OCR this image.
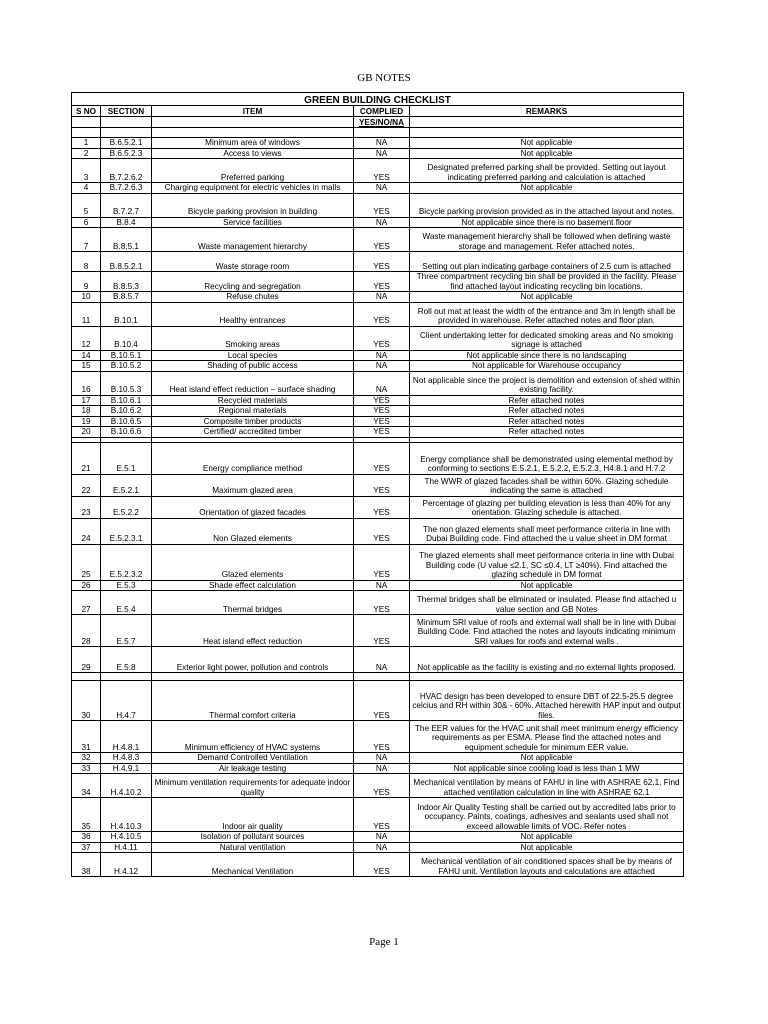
GB NOTES
GREEN BUILDING CHECKLIST				
S NO	SECTION	ITEM	COMPLIED	REMARKS
			YES/NO/NA	

1	B.6.5.2.1	Minimum area of windows	NA	Not applicable
2	B.6.5.2.3	Access to views	NA	Not applicable
3	B.7.2.6.2	Preferred parking	YES	Designated preferred parking shall be provided. Setting out layout indicating preferred parking and calculation is attached
4	B.7.2.6.3	Charging equipment for electric vehicles in malls	NA	Not applicable
5	B.7.2.7	Bicycle parking provision in building	YES	Bicycle parking provision provided as in the attached layout and notes.
6	B.8.4	Service facilities	NA	Not applicable since there is no basement floor
7	B.8.5.1	Waste management hierarchy	YES	Waste management hierarchy shall be followed when defining waste storage and management. Refer attached notes.
8	B.8.5.2.1	Waste storage room	YES	Setting out plan indicating garbage containers of 2.5 cum is attached
9	B.8.5.3	Recycling and segregation	YES	Three compartment recycling bin shall be provided in the facility. Please find attached layout indicating recycling bin locations.
10	B.8.5.7	Refuse chutes	NA	Not applicable
11	B.10.1	Healthy entrances	YES	Roll out mat at least the width of the entrance and 3m in length shall be provided in warehouse. Refer attached notes and floor plan.
12	B.10.4	Smoking areas	YES	Client undertaking letter for dedicated smoking areas and No smoking signage is attached
14	B.10.5.1	Local species	NA	Not applicable since there is no landscaping
15	B.10.5.2	Shading of public access	NA	Not applicable for Warehouse occupancy
16	B.10.5.3	Heat island effect reduction – surface shading	NA	Not applicable since the project is demolition and extension of shed within existing facility.
17	B.10.6.1	Recycled materials	YES	Refer attached notes
18	B.10.6.2	Regional materials	YES	Refer attached notes
19	B.10.6.5	Composite timber products	YES	Refer attached notes
20	B.10.6.6	Certified/ accredited timber	YES	Refer attached notes

21	E.5.1	Energy compliance method	YES	Energy compliance shall be demonstrated using elemental method by conforming to sections E.5.2.1, E.5.2.2, E.5.2.3, H4.8.1 and H.7.2
22	E.5.2.1	Maximum glazed area	YES	The WWR of glazed facades shall be within 60%. Glazing schedule indicating the same is attached
23	E.5.2.2	Orientation of glazed facades	YES	Percentage of glazing per building elevation is less than 40% for any orientation. Glazing schedule is attached.
24	E.5.2.3.1	Non Glazed elements	YES	The non glazed elements shall meet performance criteria in line with Dubai Building code. Find attached the u value sheet in DM format
25	E.5.2.3.2	Glazed elements	YES	The glazed elements shall meet performance criteria in line with Dubai Building code (U value ≤2.1, SC ≤0.4, LT ≥40%). Find attached the glazing schedule in DM format
26	E.5.3	Shade effect calculation	NA	Not applicable
27	E.5.4	Thermal bridges	YES	Thermal bridges shall be eliminated or insulated. Please find attached u value section and GB Notes
28	E.5.7	Heat island effect reduction	YES	Minimum SRI value of roofs and external wall shall be in line with Dubai Building Code. Find attached the notes and layouts indicating minimum SRI values for roofs and external walls .
29	E.5.8	Exterior light power, pollution and controls	NA	Not applicable as the facility is existing and no external lights proposed.

30	H.4.7	Thermal comfort criteria	YES	HVAC design has been developed to ensure DBT of 22.5-25.5 degree celcius and RH within 30& - 60%. Attached herewith HAP input and output files.
31	H.4.8.1	Minimum efficiency of HVAC systems	YES	The EER values for the HVAC unit shall meet minimum energy efficiency requirements as per ESMA. Please find the attached notes and equipment schedule for minimum EER value.
32	H.4.8.3	Demand Controlled Ventilation	NA	Not applicable
33	H.4.9.1	Air leakage testing	NA	Not applicable since cooling load is less than 1 MW
34	H.4.10.2	Minimum ventilation requirements for adequate indoor quality	YES	Mechanical ventilation by means of FAHU in line with ASHRAE 62.1. Find attached ventilation calculation in line with ASHRAE 62.1
35	H.4.10.3	Indoor air quality	YES	Indoor Air Quality Testing shall be carried out by accredited labs prior to occupancy. Paints, coatings, adhesives and sealants used shall not exceed allowable limits of VOC. Refer notes
36	H.4.10.5	Isolation of pollutant sources	NA	Not applicable
37	H.4.11	Natural ventilation	NA	Not applicable
38	H.4.12	Mechanical Ventilation	YES	Mechanical ventilation of air conditioned spaces shall be by means of FAHU unit. Ventilation layouts and calculations are attached
Page 1
